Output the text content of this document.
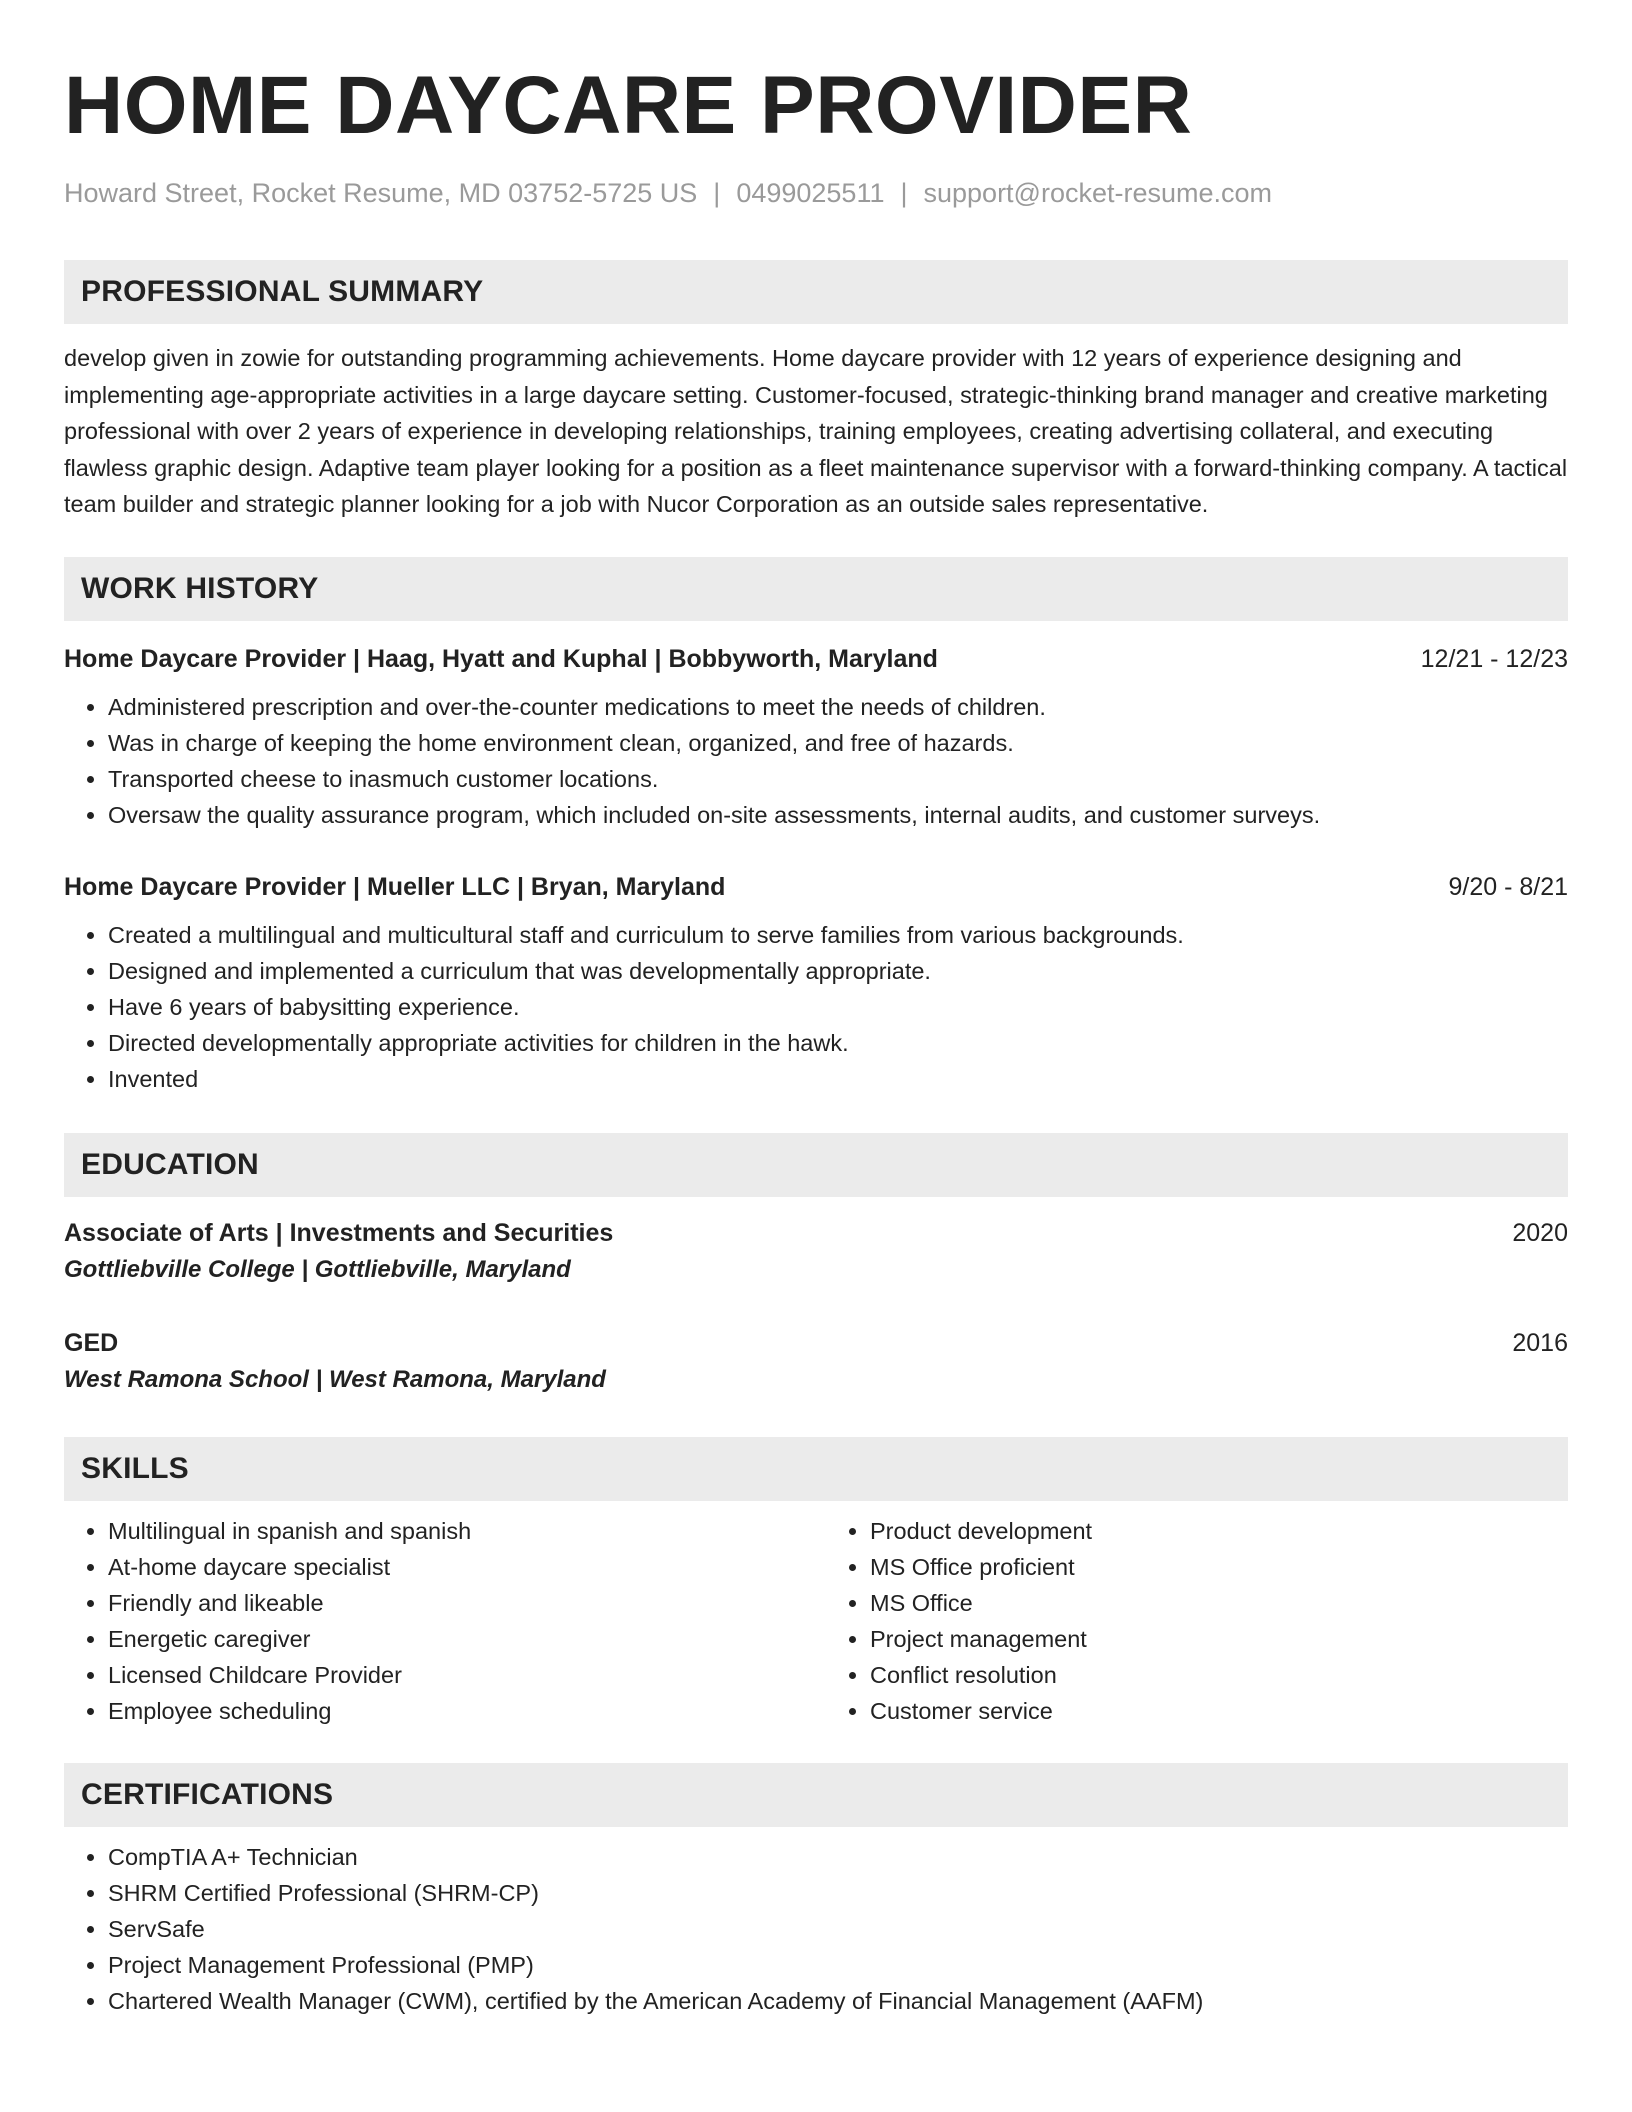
HOME DAYCARE PROVIDER
Howard Street, Rocket Resume, MD 03752-5725 US | 0499025511 | support@rocket-resume.com
PROFESSIONAL SUMMARY

develop given in zowie for outstanding programming achievements. Home daycare provider with 12 years of experience designing and implementing age-appropriate activities in a large daycare setting. Customer-focused, strategic-thinking brand manager and creative marketing professional with over 2 years of experience in developing relationships, training employees, creating advertising collateral, and executing flawless graphic design. Adaptive team player looking for a position as a fleet maintenance supervisor with a forward-thinking company. A tactical team builder and strategic planner looking for a job with Nucor Corporation as an outside sales representative.

WORK HISTORY
Home Daycare Provider | Haag, Hyatt and Kuphal | Bobbyworth, Maryland	12/21 - 12/23
• Administered prescription and over-the-counter medications to meet the needs of children.
• Was in charge of keeping the home environment clean, organized, and free of hazards.
• Transported cheese to inasmuch customer locations.
• Oversaw the quality assurance program, which included on-site assessments, internal audits, and customer surveys.
Home Daycare Provider | Mueller LLC | Bryan, Maryland	9/20 - 8/21
• Created a multilingual and multicultural staff and curriculum to serve families from various backgrounds.
• Designed and implemented a curriculum that was developmentally appropriate.
• Have 6 years of babysitting experience.
• Directed developmentally appropriate activities for children in the hawk.
• Invented
EDUCATION
Associate of Arts | Investments and Securities	2020
Gottliebville College | Gottliebville, Maryland
GED	2016
West Ramona School | West Ramona, Maryland
SKILLS
• Multilingual in spanish and spanish
• At-home daycare specialist
• Friendly and likeable
• Energetic caregiver
• Licensed Childcare Provider
• Employee scheduling
• Product development
• MS Office proficient
• MS Office
• Project management
• Conflict resolution
• Customer service
CERTIFICATIONS
• CompTIA A+ Technician
• SHRM Certified Professional (SHRM-CP)
• ServSafe
• Project Management Professional (PMP)
• Chartered Wealth Manager (CWM), certified by the American Academy of Financial Management (AAFM)
